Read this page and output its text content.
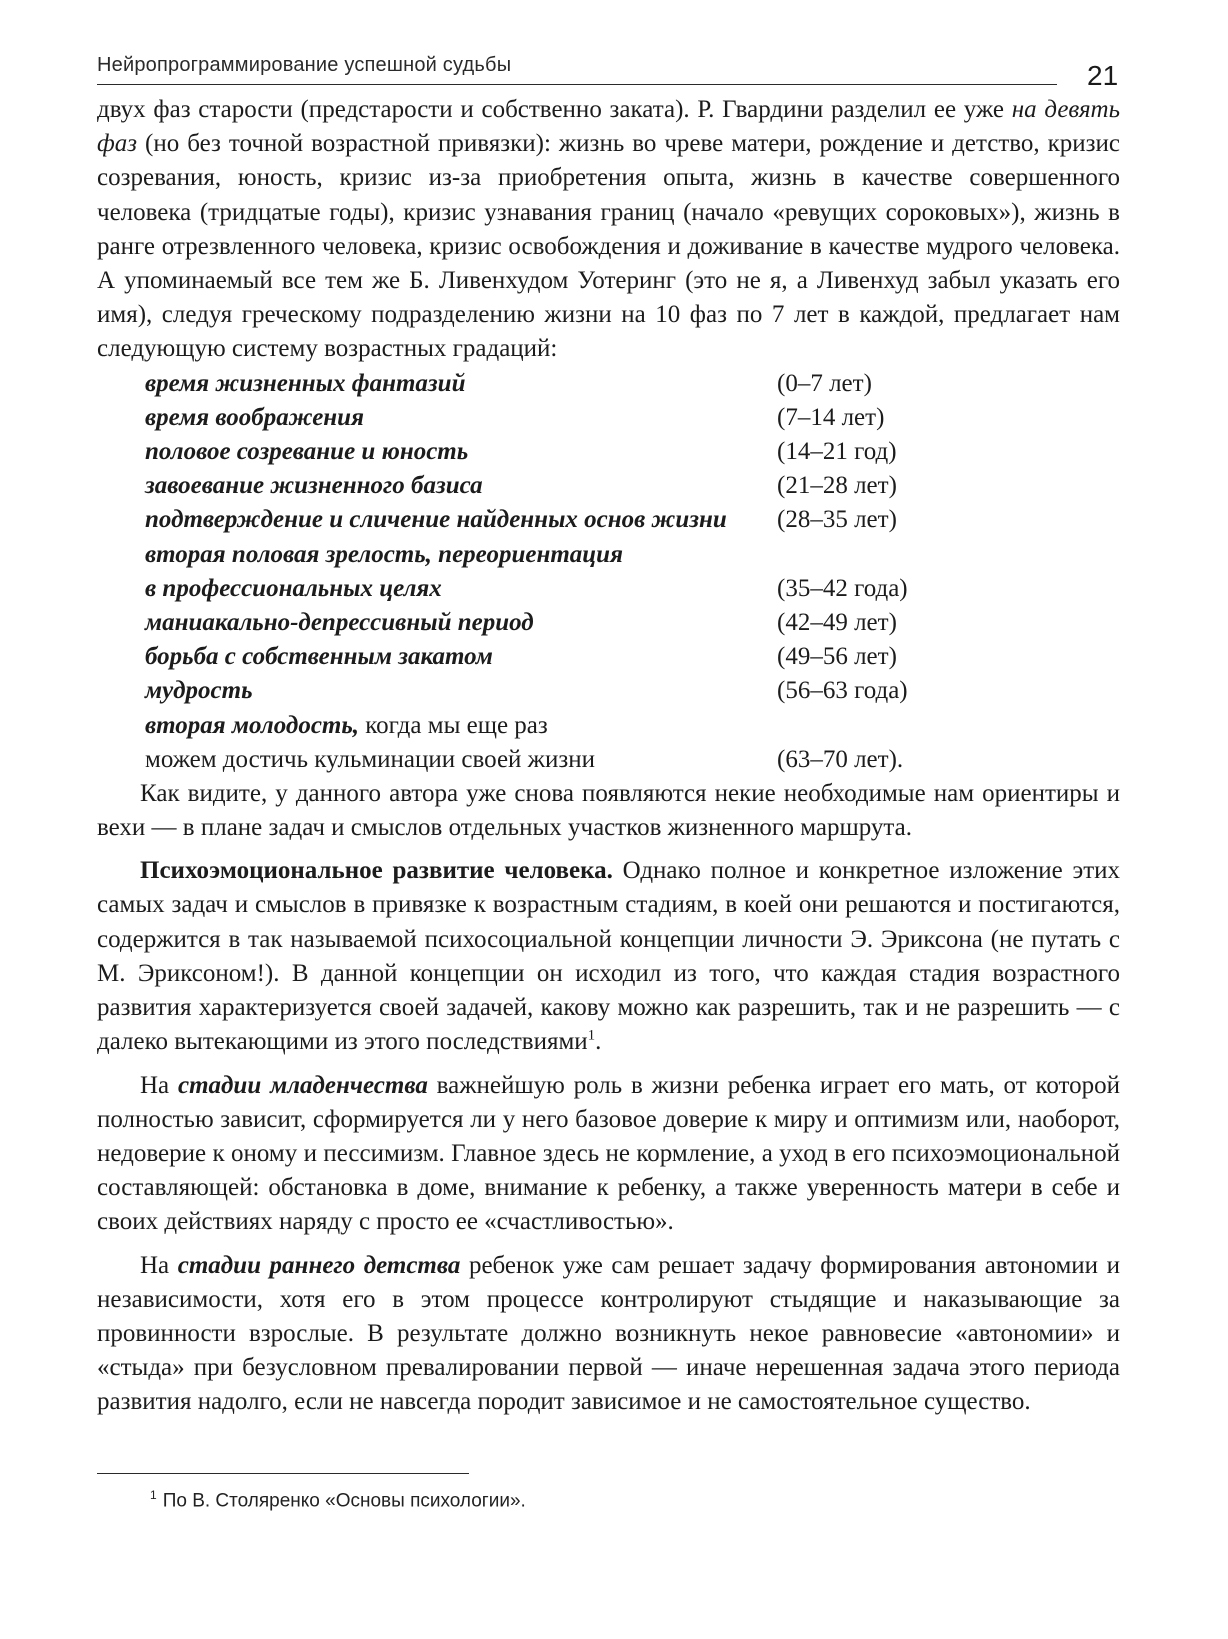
Нейропрограммирование успешной судьбы	21

двух фаз старости (предстарости и собственно заката). Р. Гвардини разделил ее уже на девять фаз (но без точной возрастной привязки): жизнь во чреве матери, рождение и детство, кризис созревания, юность, кризис из-за приобретения опыта, жизнь в качестве совершенного человека (тридцатые годы), кризис узнавания границ (начало «ревущих сороковых»), жизнь в ранге отрезвленного человека, кризис освобождения и доживание в качестве мудрого человека. А упоминаемый все тем же Б. Ливенхудом Уотеринг (это не я, а Ливенхуд забыл указать его имя), следуя греческому подразделению жизни на 10 фаз по 7 лет в каждой, предлагает нам следующую систему возрастных градаций:

время жизненных фантазий	(0–7 лет)
время воображения	(7–14 лет)
половое созревание и юность	(14–21 год)
завоевание жизненного базиса	(21–28 лет)
подтверждение и сличение найденных основ жизни	(28–35 лет)
вторая половая зрелость, переориентация
в профессиональных целях	(35–42 года)
маниакально-депрессивный период	(42–49 лет)
борьба с собственным закатом	(49–56 лет)
мудрость	(56–63 года)
вторая молодость, когда мы еще раз
можем достичь кульминации своей жизни	(63–70 лет).

Как видите, у данного автора уже снова появляются некие необходимые нам ориентиры и вехи — в плане задач и смыслов отдельных участков жизненного маршрута.

Психоэмоциональное развитие человека. Однако полное и конкретное изложение этих самых задач и смыслов в привязке к возрастным стадиям, в коей они решаются и постигаются, содержится в так называемой психосоциальной концепции личности Э. Эриксона (не путать с М. Эриксоном!). В данной концепции он исходил из того, что каждая стадия возрастного развития характеризуется своей задачей, какову можно как разрешить, так и не разрешить — с далеко вытекающими из этого последствиями$^1$.

На стадии младенчества важнейшую роль в жизни ребенка играет его мать, от которой полностью зависит, сформируется ли у него базовое доверие к миру и оптимизм или, наоборот, недоверие к оному и пессимизм. Главное здесь не кормление, а уход в его психоэмоциональной составляющей: обстановка в доме, внимание к ребенку, а также уверенность матери в себе и своих действиях наряду с просто ее «счастливостью».

На стадии раннего детства ребенок уже сам решает задачу формирования автономии и независимости, хотя его в этом процессе контролируют стыдящие и наказывающие за провинности взрослые. В результате должно возникнуть некое равновесие «автономии» и «стыда» при безусловном превалировании первой — иначе нерешенная задача этого периода развития надолго, если не навсегда породит зависимое и не самостоятельное существо.

$^1$ По В. Столяренко «Основы психологии».
